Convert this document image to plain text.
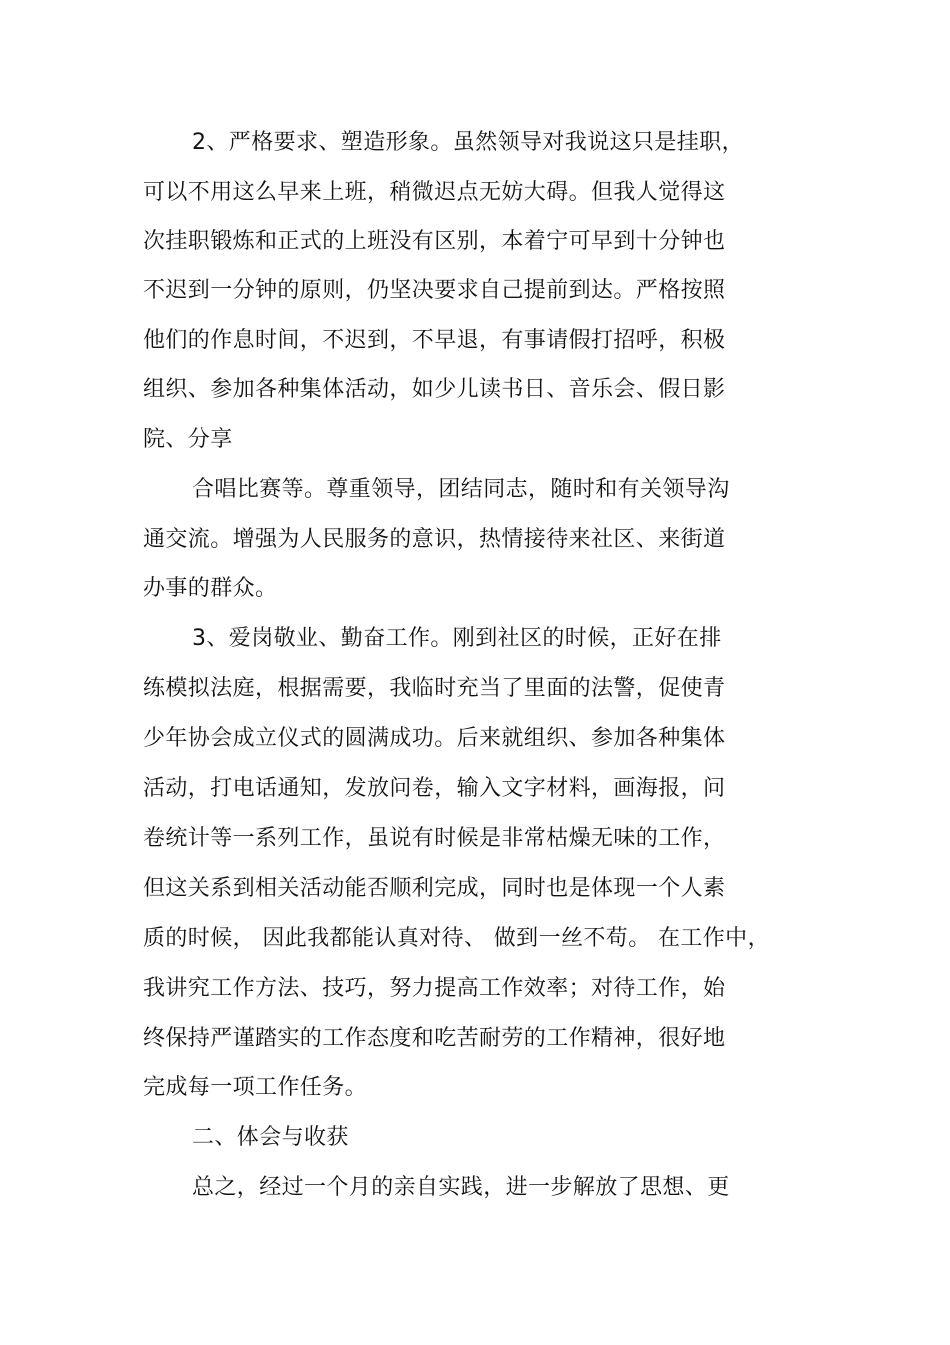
2、严格要求、塑造形象。虽然领导对我说这只是挂职，
可以不用这么早来上班，稍微迟点无妨大碍。但我人觉得这
次挂职锻炼和正式的上班没有区别，本着宁可早到十分钟也
不迟到一分钟的原则，仍坚决要求自己提前到达。严格按照
他们的作息时间，不迟到，不早退，有事请假打招呼，积极
组织、参加各种集体活动，如少儿读书日、音乐会、假日影
院、分享
合唱比赛等。尊重领导，团结同志，随时和有关领导沟
通交流。增强为人民服务的意识，热情接待来社区、来街道
办事的群众。
3、爱岗敬业、勤奋工作。刚到社区的时候，正好在排
练模拟法庭，根据需要，我临时充当了里面的法警，促使青
少年协会成立仪式的圆满成功。后来就组织、参加各种集体
活动，打电话通知，发放问卷，输入文字材料，画海报，问
卷统计等一系列工作，虽说有时候是非常枯燥无味的工作，
但这关系到相关活动能否顺利完成，同时也是体现一个人素
质的时候， 因此我都能认真对待、 做到一丝不苟。 在工作中，
我讲究工作方法、技巧，努力提高工作效率；对待工作，始
终保持严谨踏实的工作态度和吃苦耐劳的工作精神，很好地
完成每一项工作任务。
二、体会与收获
总之，经过一个月的亲自实践，进一步解放了思想、更
